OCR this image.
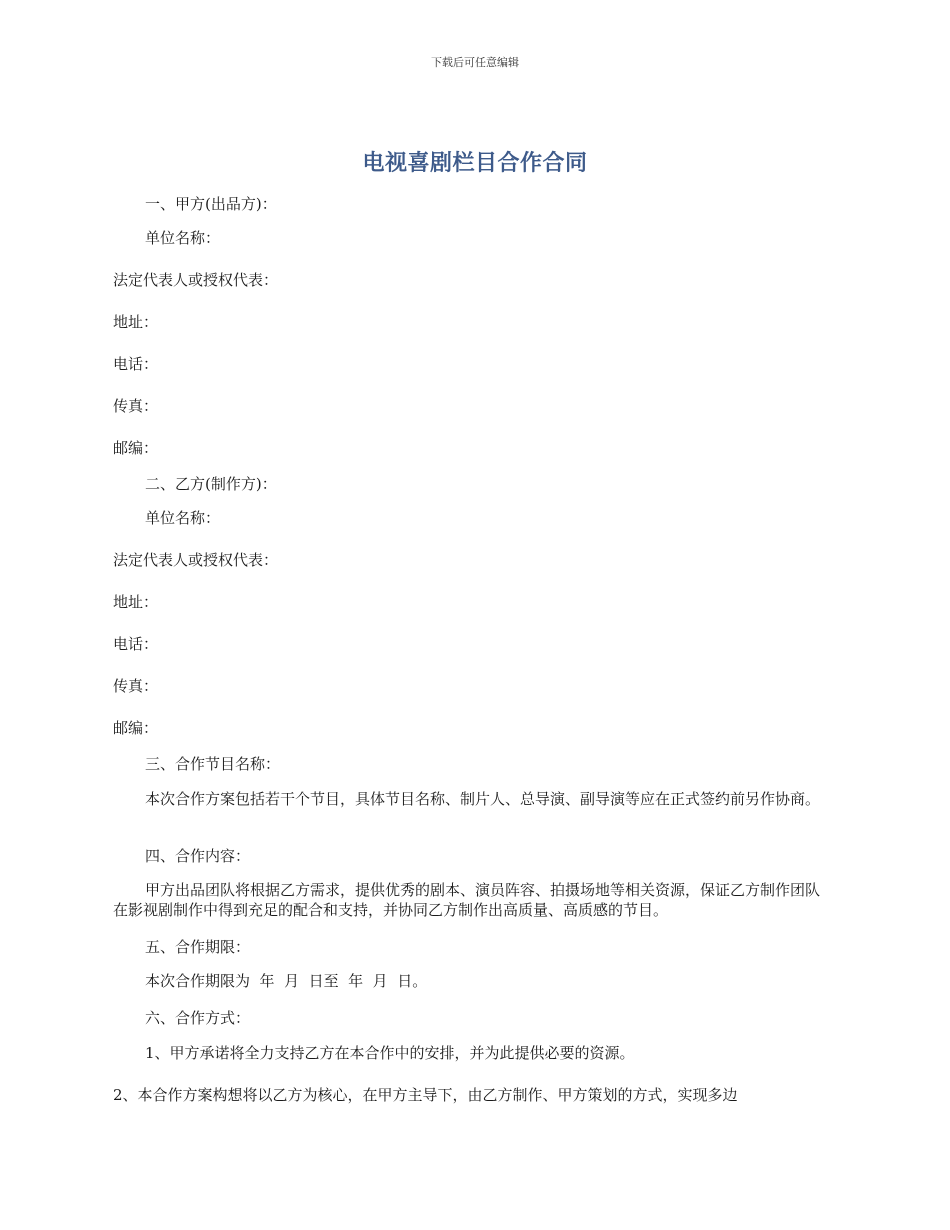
下载后可任意编辑
电视喜剧栏目合作合同
一、甲方(出品方)：
单位名称：
法定代表人或授权代表：
地址：
电话：
传真：
邮编：
二、乙方(制作方)：
单位名称：
法定代表人或授权代表：
地址：
电话：
传真：
邮编：
三、合作节目名称：
本次合作方案包括若干个节目，具体节目名称、制片人、总导演、副导演等应在正式签约前另作协商。
四、合作内容：
甲方出品团队将根据乙方需求，提供优秀的剧本、演员阵容、拍摄场地等相关资源，保证乙方制作团队在影视剧制作中得到充足的配合和支持，并协同乙方制作出高质量、高质感的节目。
五、合作期限：
本次合作期限为  年  月  日至  年  月  日。
六、合作方式：
1、甲方承诺将全力支持乙方在本合作中的安排，并为此提供必要的资源。
2、本合作方案构想将以乙方为核心，在甲方主导下，由乙方制作、甲方策划的方式，实现多边
